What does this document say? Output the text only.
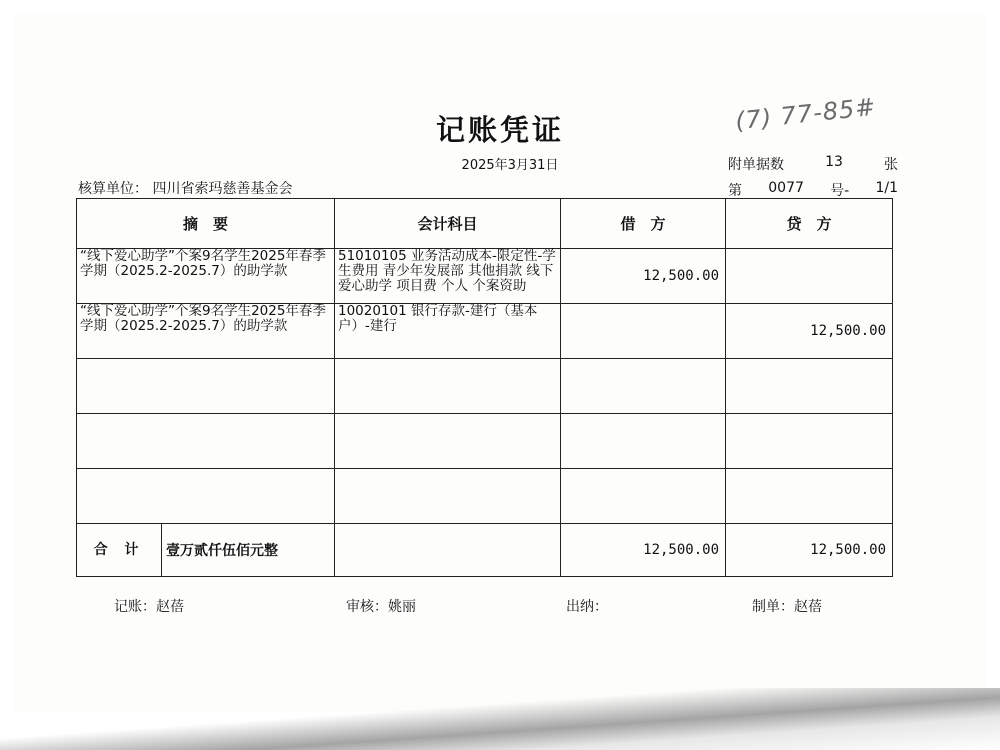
记账凭证	(7) 77-85#
2025年3月31日
核算单位： 四川省索玛慈善基金会
附单据数	13	张
第 0077 号- 1/1
摘　要	会计科目	借　方	贷　方
“线下爱心助学”个案9名学生2025年春季学期（2025.2-2025.7）的助学款	51010105 业务活动成本-限定性-学生费用 青少年发展部 其他捐款 线下爱心助学 项目费 个人 个案资助	12,500.00	
“线下爱心助学”个案9名学生2025年春季学期（2025.2-2025.7）的助学款	10020101 银行存款-建行（基本户）-建行		12,500.00

合 计 壹万贰仟伍佰元整		12,500.00	12,500.00
记账：赵蓓	审核：姚丽	出纳：	制单：赵蓓
